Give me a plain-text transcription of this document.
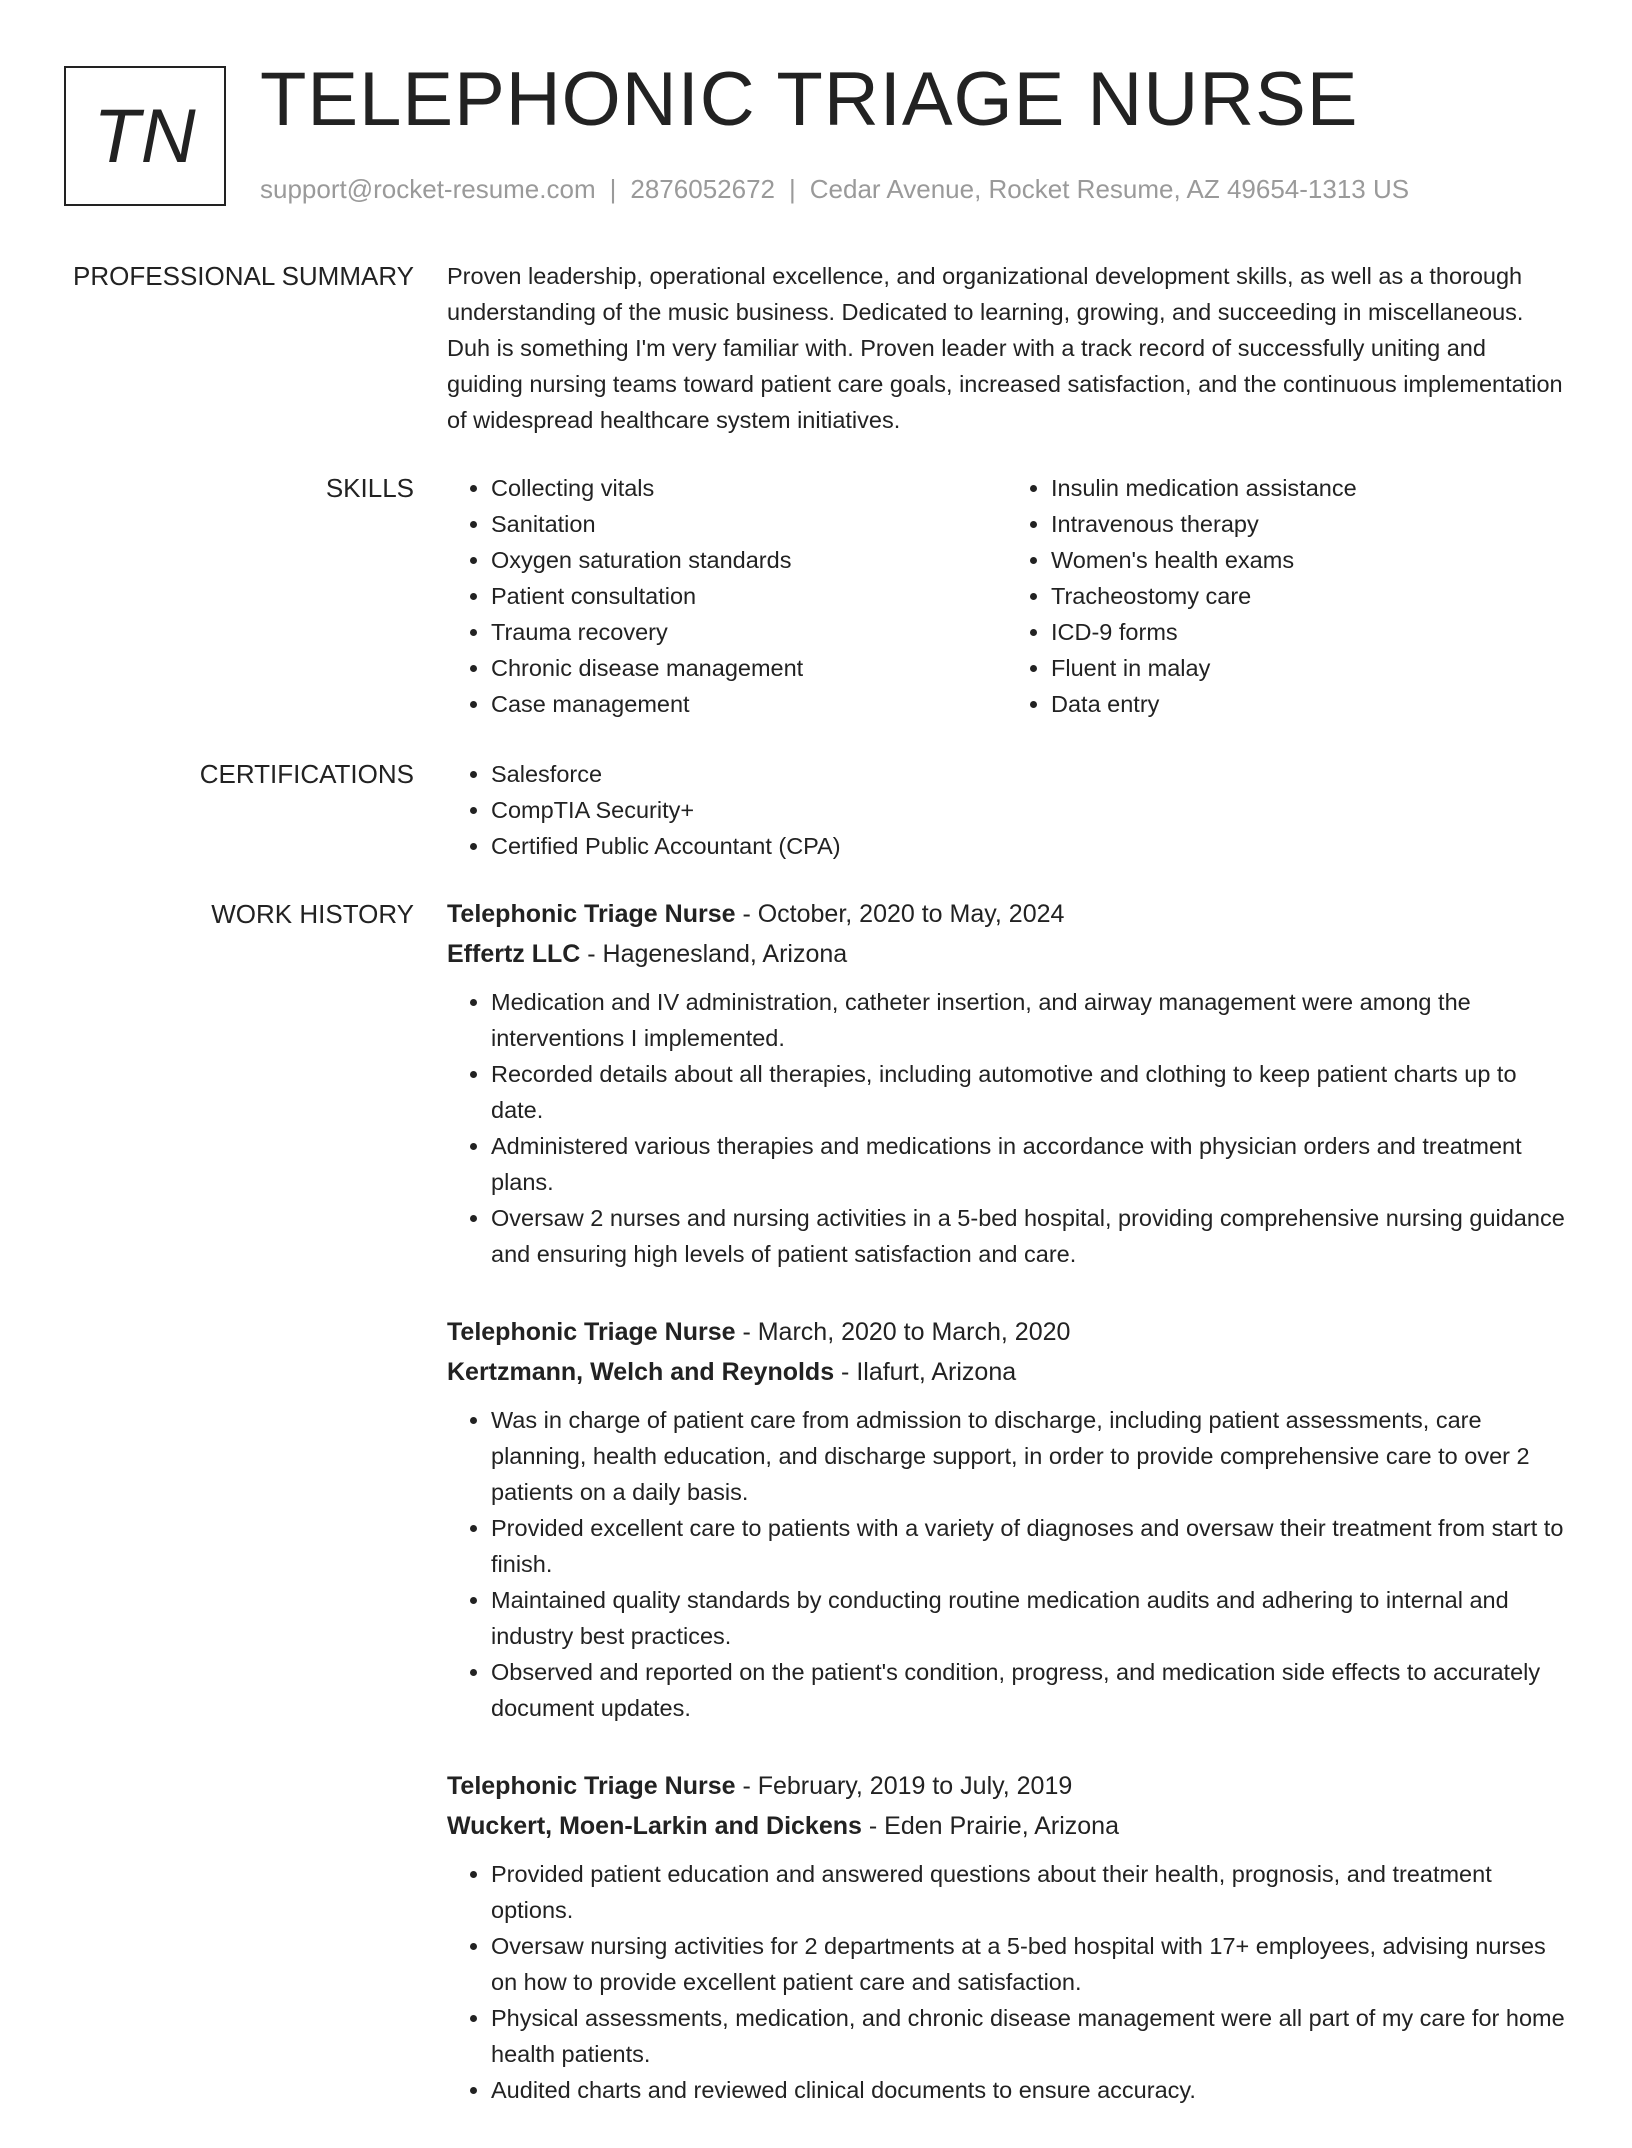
TN TELEPHONIC TRIAGE NURSE
support@rocket-resume.com | 2876052672 | Cedar Avenue, Rocket Resume, AZ 49654-1313 US
PROFESSIONAL SUMMARY Proven leadership, operational excellence, and organizational development skills, as well as a thorough understanding of the music business. Dedicated to learning, growing, and succeeding in miscellaneous. Duh is something I'm very familiar with. Proven leader with a track record of successfully uniting and guiding nursing teams toward patient care goals, increased satisfaction, and the continuous implementation of widespread healthcare system initiatives.

SKILLS	• Collecting vitals
• Sanitation
• Oxygen saturation standards
• Patient consultation
• Trauma recovery
• Chronic disease management
• Case management
• Insulin medication assistance
• Intravenous therapy
• Women's health exams
• Tracheostomy care
• ICD-9 forms
• Fluent in malay
• Data entry
CERTIFICATIONS	• Salesforce
• CompTIA Security+
• Certified Public Accountant (CPA)
WORK HISTORY Telephonic Triage Nurse - October, 2020 to May, 2024
Effertz LLC - Hagenesland, Arizona
• Medication and IV administration, catheter insertion, and airway management were among the interventions I implemented.
• Recorded details about all therapies, including automotive and clothing to keep patient charts up to date.
• Administered various therapies and medications in accordance with physician orders and treatment plans.
• Oversaw 2 nurses and nursing activities in a 5-bed hospital, providing comprehensive nursing guidance and ensuring high levels of patient satisfaction and care.
Telephonic Triage Nurse - March, 2020 to March, 2020
Kertzmann, Welch and Reynolds - Ilafurt, Arizona
• Was in charge of patient care from admission to discharge, including patient assessments, care planning, health education, and discharge support, in order to provide comprehensive care to over 2 patients on a daily basis.
• Provided excellent care to patients with a variety of diagnoses and oversaw their treatment from start to finish.
• Maintained quality standards by conducting routine medication audits and adhering to internal and industry best practices.
• Observed and reported on the patient's condition, progress, and medication side effects to accurately document updates.
Telephonic Triage Nurse - February, 2019 to July, 2019
Wuckert, Moen-Larkin and Dickens - Eden Prairie, Arizona
• Provided patient education and answered questions about their health, prognosis, and treatment options.
• Oversaw nursing activities for 2 departments at a 5-bed hospital with 17+ employees, advising nurses on how to provide excellent patient care and satisfaction.
• Physical assessments, medication, and chronic disease management were all part of my care for home health patients.
• Audited charts and reviewed clinical documents to ensure accuracy.
